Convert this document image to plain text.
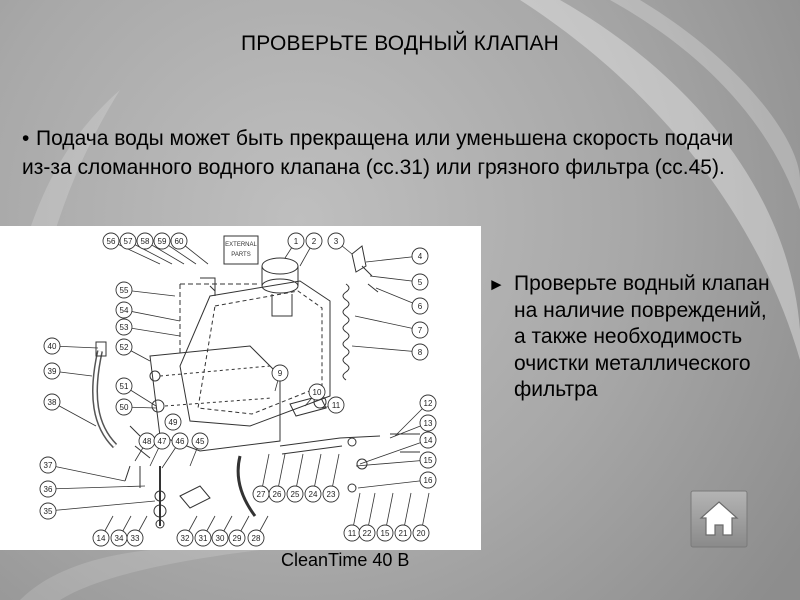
ПРОВЕРЬТЕ ВОДНЫЙ КЛАПАН
• Подача воды может быть прекращена или уменьшена скорость подачи из-за сломанного водного клапана (cc.31) или грязного фильтра (cc.45).
EXTERNAL
PARTS
56 57 58 59 60	1 2 3
4
5
6
7
8
55
54
53
52
40
39
51
38
50
49
48 47 46 45
37
36
35
9
10
11	12
13
14
15
16
14 34 33	32 31 30 29 28
27 26 25 24 23
11 22 15 21 20
► Проверьте водный клапан на наличие повреждений, а также необходимость очистки металлического фильтра
CleanTime 40 B
